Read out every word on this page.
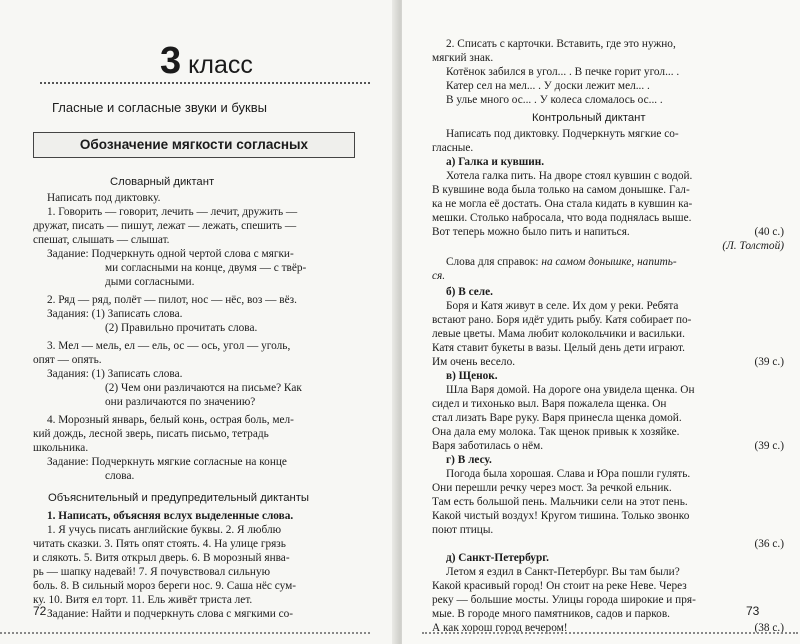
3 класс
Гласные и согласные звуки и буквы
Обозначение мягкости согласных
Словарный диктант
Написать под диктовку.
1. Говорить — говорит, лечить — лечит, дружить —
дружат, писать — пишут, лежат — лежать, спешить —
спешат, слышать — слышат.
Задание: Подчеркнуть одной чертой слова с мягки-
ми согласными на конце, двумя — с твёр-
дыми согласными.
2. Ряд — ряд, полёт — пилот, нос — нёс, воз — вёз.
Задания: (1) Записать слова.
(2) Правильно прочитать слова.
3. Мел — мель, ел — ель, ос — ось, угол — уголь,
опят — опять.
Задания: (1) Записать слова.
(2) Чем они различаются на письме? Как
они различаются по значению?
4. Морозный январь, белый конь, острая боль, мел-
кий дождь, лесной зверь, писать письмо, тетрадь
школьника.
Задание: Подчеркнуть мягкие согласные на конце
слова.
Объяснительный и предупредительный диктанты
1. Написать, объясняя вслух выделенные слова.
1. Я учусь писать английские буквы. 2. Я люблю
читать сказки. 3. Пять опят стоять. 4. На улице грязь
и слякоть. 5. Витя открыл дверь. 6. В морозный янва-
рь — шапку надевай! 7. Я почувствовал сильную
боль. 8. В сильный мороз береги нос. 9. Саша нёс сум-
ку. 10. Витя ел торт. 11. Ель живёт триста лет.
Задание: Найти и подчеркнуть слова с мягкими со-
72
2. Списать с карточки. Вставить, где это нужно,
мягкий знак.
Котёнок забился в угол... . В печке горит угол... .
Катер сел на мел... . У доски лежит мел... .
В улье много ос... . У колеса сломалось ос... .
Контрольный диктант
Написать под диктовку. Подчеркнуть мягкие со-
гласные.
а) Галка и кувшин.
Хотела галка пить. На дворе стоял кувшин с водой.
В кувшине вода была только на самом донышке. Гал-
ка не могла её достать. Она стала кидать в кувшин ка-
мешки. Столько набросала, что вода поднялась выше.
Вот теперь можно было пить и напиться.	(40 с.)
(Л. Толстой)
Слова для справок: на самом донышке, напить-
ся.
б) В селе.
Боря и Катя живут в селе. Их дом у реки. Ребята
встают рано. Боря идёт удить рыбу. Катя собирает по-
левые цветы. Мама любит колокольчики и васильки.
Катя ставит букеты в вазы. Целый день дети играют.
Им очень весело.	(39 с.)
в) Щенок.
Шла Варя домой. На дороге она увидела щенка. Он
сидел и тихонько выл. Варя пожалела щенка. Он
стал лизать Варе руку. Варя принесла щенка домой.
Она дала ему молока. Так щенок привык к хозяйке.
Варя заботилась о нём.	(39 с.)
г) В лесу.
Погода была хорошая. Слава и Юра пошли гулять.
Они перешли речку через мост. За речкой ельник.
Там есть большой пень. Мальчики сели на этот пень.
Какой чистый воздух! Кругом тишина. Только звонко
поют птицы.
(36 с.)
д) Санкт-Петербург.
Летом я ездил в Санкт-Петербург. Вы там были?
Какой красивый город! Он стоит на реке Неве. Через
реку — большие мосты. Улицы города широкие и пря-
мые. В городе много памятников, садов и парков.
А как хорош город вечером!	(38 с.)
73
